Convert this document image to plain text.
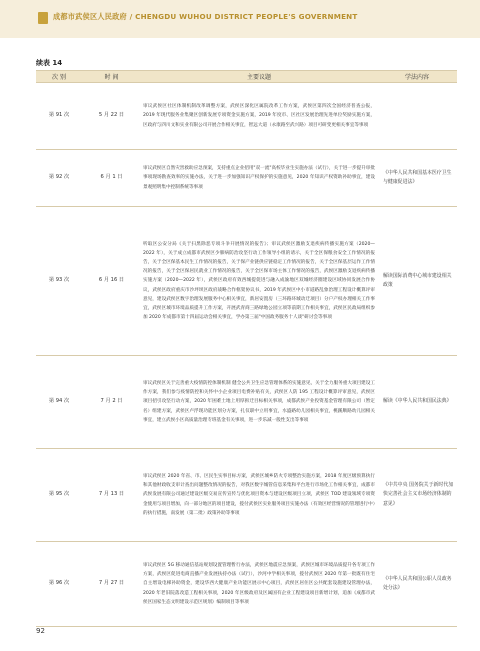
成都市武侯区人民政府 / CHENGDU WUHOU DISTRICT PEOPLE'S GOVERNMENT
续表 14
次 别	时 间	主要议题	学法内容
第 91 次	5 月 22 日	审议武侯区社区体制机制改革调整方案，武侯区深化区属院改革工作方案，武侯区第四次全国经济普查公报，2019 年现代服务业集聚区创新发展专项资金实施方案，2019 年度市、区社区发展治理先进单位奖励实施方案，区政府与四川文和实业有限公司开展合作相关事宜，智远大道（永康路至武兴路）项目可研变更相关事宜等事项	
第 92 次	6 月 1 日	审议武侯区自然灾害救助应急预案，支持重点企业招用"双一流"高校毕业生实施办法（试行），关于进一步提升审批事项现场勘查效率的实施办法，关于进一步加强知识产权保护的实施意见，2020 年知识产权资助补助事宜，建设景观照明集中控制系统等事项	《中华人民共和国基本医疗卫生与健康促进法》
第 93 次	6 月 16 日	听取区公安分局《关于扫黑除恶专项斗争开展情况的报告》；审议武侯区激励支退疾病传播实施方案（2020—2022 年），关于成立成都市武侯区少肺病防治攻坚行动工作领导小组的请示，关于全区保粮食安全工作情况的报告，关于全区保基本民生工作情况的报告，关于保产业链供应链稳定工作情况的报告，关于全区保基层运作工作情况的报告，关于全区保居民就业工作情况的报告，关于全区保市场主体工作情况的报告，武侯区激励支退疾病传播实施方案（2020—2022 年），武侯区政府有效西城提促进与融入成渝地区双城经济圈建设区域协同发展合作协议，武侯区政府重庆市沙坪坝区政府战略合作框架协议书，2019 年武侯区中小市道路乱象治理工程设计概算评审意见，建设武侯区数字治理发展服务中心相关事宜，新居安置房（三环路环城动迁项目）分户产权办理相关工作事宜，武侯区城市环境品质提升工作方案，开展武青商三路绿地公园立项等前期工作相关事宜，武侯区民政局组织参加 2020 年成都市第十四届运动会相关事宜，学办第三届"中国政务服务十人谈"研讨会等事项	解读国际消费中心城市建设相关政策
第 94 次	7 月 2 日	审议武侯区关于完善重大疫情防控体制机制 健全公共卫生应急管理体系的实施意见，关于全力服务重大项目建设工作方案，我们参与疫情防控和关怀中小企业项目电费补贴有关，武侯区人防 195 工程设计概算评审意见，武侯区项目招引攻坚行动方案，2020 年困难土地上用厚拆迁目标相关事项，成都武侯产业投资基金管理有限公司（暂定名）组建方案，武侯区卢浮现功能区划分方案，扎仅职中立用事宜，水盛路幼儿园相关事宜，桃蹊顺路幼儿园相关事宜，建立武侯小区高质量治理专班基金有关事项，进一步乐减一般性支出等事项	解读《中华人民共和国民法典》
第 95 次	7 月 13 日	审议武侯区 2020 年省、市、区民生实事目标方案，武侯区城乡防火专项整治实施方案，2018 年度区级预算执行和其他财政收支审计查出问题整改情况的报告，对我区数字城管信息采集和平台进行市场化工作相关事宜，成都市武侯发展有限公司通过建设区级交易宣传宣传与优化项目资本与建设区级项目立项，武侯区 TOD 建设领域专项资金使用与项目增加，向一部分地区的项目建设，拨付武侯区实业服务项目实施办法（有效区经营情况的管理进行中）的执行措施，南发展（第二批）政策补助等事项	《中共中央 国务院关于新时代加快完善社会主义市场经济体制的意见》
第 96 次	7 月 27 日	审议武侯区 5G 移动通信基站规划设置管理暂行办法，武侯区地震应急预案，武侯区城市环境品质提升各专项工作方案，武侯区促进电商直播产业发展扶持办法（试行），沙河中学相关事项，拨付武侯区 2020 年第一批既有住宅自主增设电梯补助资金，建设华西大健康产业功能区展示中心项目，武侯区居住区公共配套设施建设管理办法，2020 年老旧院落改造工程相关事项，2020 年区级政府及区属国有企业工程建设项目新增计划，追加《成都市武侯区国家生态文明建设示范区规划》编制项目等事项	《中华人民共和国公职人员政务处分法》
92
